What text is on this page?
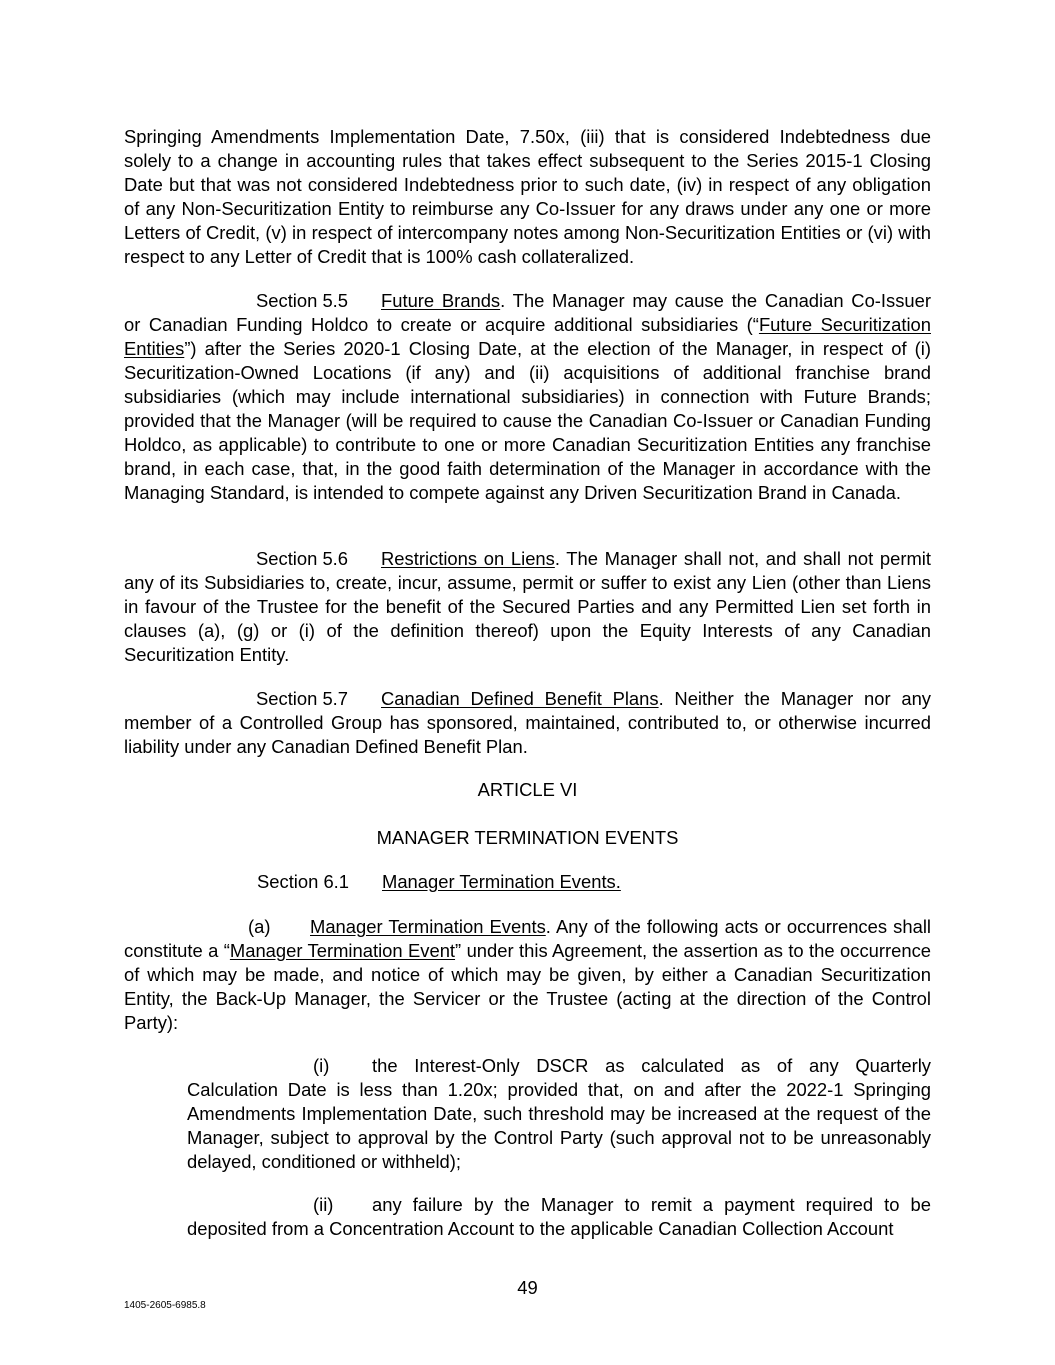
Springing Amendments Implementation Date, 7.50x, (iii) that is considered Indebtedness due solely to a change in accounting rules that takes effect subsequent to the Series 2015-1 Closing Date but that was not considered Indebtedness prior to such date, (iv) in respect of any obligation of any Non-Securitization Entity to reimburse any Co-Issuer for any draws under any one or more Letters of Credit, (v) in respect of intercompany notes among Non-Securitization Entities or (vi) with respect to any Letter of Credit that is 100% cash collateralized.

Section 5.5 Future Brands. The Manager may cause the Canadian Co-Issuer or Canadian Funding Holdco to create or acquire additional subsidiaries (“Future Securitization Entities”) after the Series 2020-1 Closing Date, at the election of the Manager, in respect of (i) Securitization-Owned Locations (if any) and (ii) acquisitions of additional franchise brand subsidiaries (which may include international subsidiaries) in connection with Future Brands; provided that the Manager (will be required to cause the Canadian Co-Issuer or Canadian Funding Holdco, as applicable) to contribute to one or more Canadian Securitization Entities any franchise brand, in each case, that, in the good faith determination of the Manager in accordance with the Managing Standard, is intended to compete against any Driven Securitization Brand in Canada.

Section 5.6 Restrictions on Liens. The Manager shall not, and shall not permit any of its Subsidiaries to, create, incur, assume, permit or suffer to exist any Lien (other than Liens in favour of the Trustee for the benefit of the Secured Parties and any Permitted Lien set forth in clauses (a), (g) or (i) of the definition thereof) upon the Equity Interests of any Canadian Securitization Entity.

Section 5.7 Canadian Defined Benefit Plans. Neither the Manager nor any member of a Controlled Group has sponsored, maintained, contributed to, or otherwise incurred liability under any Canadian Defined Benefit Plan.

ARTICLE VI
MANAGER TERMINATION EVENTS
Section 6.1 Manager Termination Events.

(a) Manager Termination Events. Any of the following acts or occurrences shall constitute a “Manager Termination Event” under this Agreement, the assertion as to the occurrence of which may be made, and notice of which may be given, by either a Canadian Securitization Entity, the Back-Up Manager, the Servicer or the Trustee (acting at the direction of the Control Party):

(i) the Interest-Only DSCR as calculated as of any Quarterly Calculation Date is less than 1.20x; provided that, on and after the 2022-1 Springing Amendments Implementation Date, such threshold may be increased at the request of the Manager, subject to approval by the Control Party (such approval not to be unreasonably delayed, conditioned or withheld);

(ii) any failure by the Manager to remit a payment required to be deposited from a Concentration Account to the applicable Canadian Collection Account

49
1405-2605-6985.8
